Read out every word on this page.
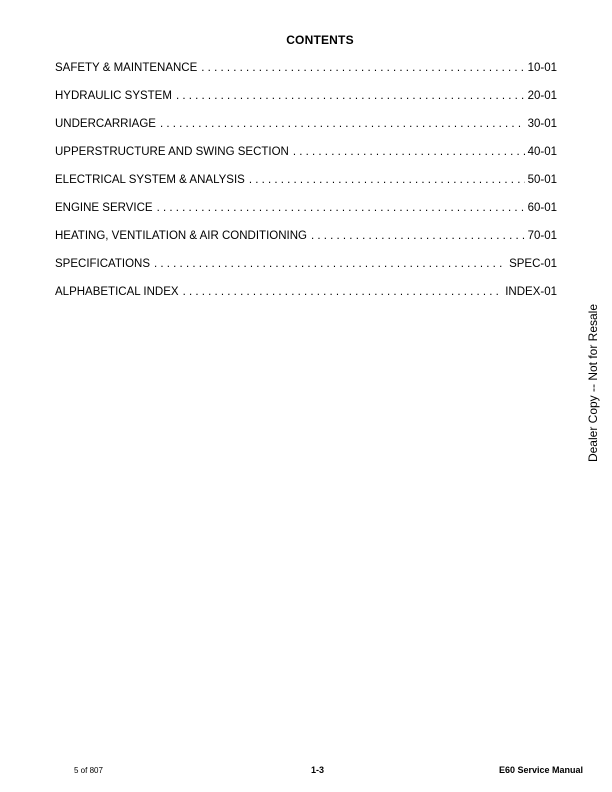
CONTENTS
SAFETY & MAINTENANCE . . .	10-01
HYDRAULIC SYSTEM . . .	20-01
UNDERCARRIAGE . . .	30-01
UPPERSTRUCTURE AND SWING SECTION . . .	40-01
ELECTRICAL SYSTEM & ANALYSIS . . .	50-01
ENGINE SERVICE . . .	60-01
HEATING, VENTILATION & AIR CONDITIONING . . .	70-01
SPECIFICATIONS . . .	SPEC-01
ALPHABETICAL INDEX . . .	INDEX-01
Dealer Copy -- Not for Resale
5 of 807	1-3	E60 Service Manual
